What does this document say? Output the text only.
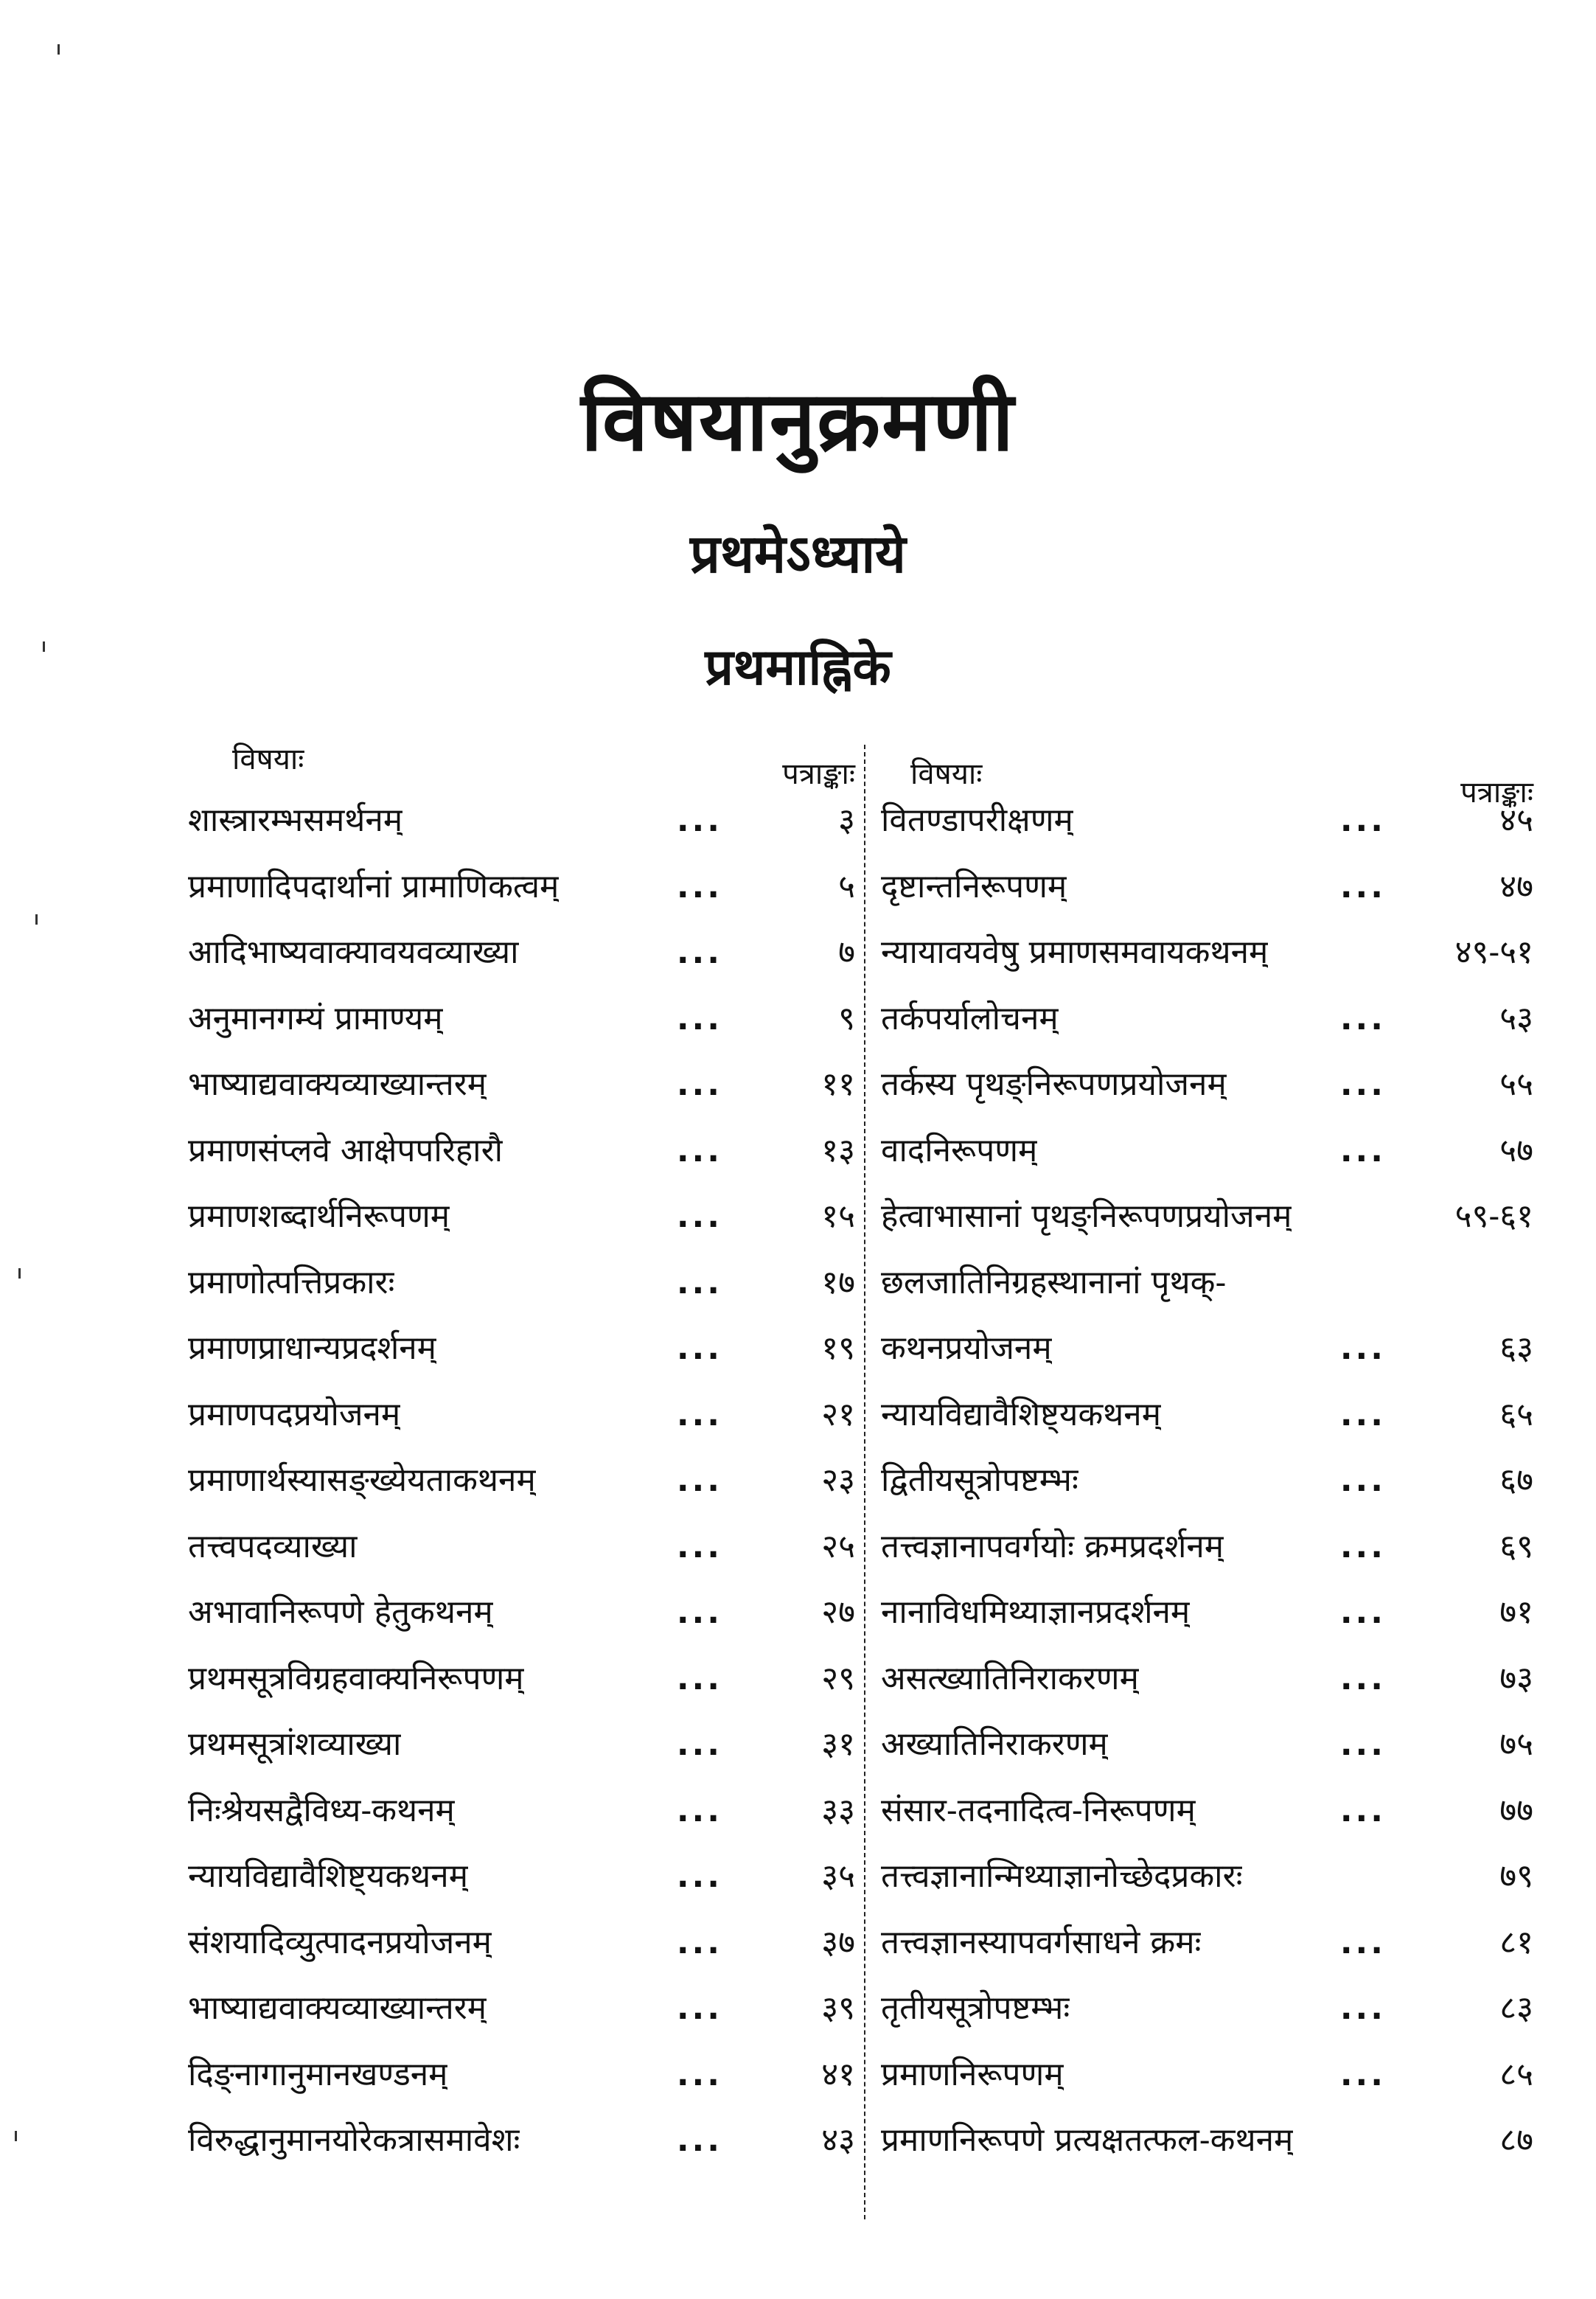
विषयानुक्रमणी
प्रथमेऽध्याये
प्रथमाह्निके
विषयाः	पत्राङ्काः
शास्त्रारम्भसमर्थनम्	...	३
प्रमाणादिपदार्थानां प्रामाणिकत्वम्	...	५
आदिभाष्यवाक्यावयवव्याख्या	...	७
अनुमानगम्यं प्रामाण्यम्	...	९
भाष्याद्यवाक्यव्याख्यान्तरम्	...	११
प्रमाणसंप्लवे आक्षेपपरिहारौ	...	१३
प्रमाणशब्दार्थनिरूपणम्	...	१५
प्रमाणोत्पत्तिप्रकारः	...	१७
प्रमाणप्राधान्यप्रदर्शनम्	...	१९
प्रमाणपदप्रयोजनम्	...	२१
प्रमाणार्थस्यासङ्ख्येयताकथनम्	...	२३
तत्त्वपदव्याख्या	...	२५
अभावानिरूपणे हेतुकथनम्	...	२७
प्रथमसूत्रविग्रहवाक्यनिरूपणम्	...	२९
प्रथमसूत्रांशव्याख्या	...	३१
निःश्रेयसद्वैविध्य-कथनम्	...	३३
न्यायविद्यावैशिष्ट्यकथनम्	...	३५
संशयादिव्युत्पादनप्रयोजनम्	...	३७
भाष्याद्यवाक्यव्याख्यान्तरम्	...	३९
दिङ्नागानुमानखण्डनम्	...	४१
विरुद्धानुमानयोरेकत्रासमावेशः	...	४३
विषयाः
पत्राङ्काः
वितण्डापरीक्षणम्	...	४५
दृष्टान्तनिरूपणम्	...	४७
न्यायावयवेषु प्रमाणसमवायकथनम्	४९-५१
तर्कपर्यालोचनम्	...	५३
तर्कस्य पृथङ्निरूपणप्रयोजनम्	...	५५
वादनिरूपणम्	...	५७
हेत्वाभासानां पृथङ्निरूपणप्रयोजनम्	५९-६१
छलजातिनिग्रहस्थानानां पृथक्-
कथनप्रयोजनम्	...	६३
न्यायविद्यावैशिष्ट्यकथनम्	...	६५
द्वितीयसूत्रोपष्टम्भः	...	६७
तत्त्वज्ञानापवर्गयोः क्रमप्रदर्शनम्	...	६९
नानाविधमिथ्याज्ञानप्रदर्शनम्	...	७१
असत्ख्यातिनिराकरणम्	...	७३
अख्यातिनिराकरणम्	...	७५
संसार-तदनादित्व-निरूपणम्	...	७७
तत्त्वज्ञानान्मिथ्याज्ञानोच्छेदप्रकारः	७९
तत्त्वज्ञानस्यापवर्गसाधने क्रमः	...	८१
तृतीयसूत्रोपष्टम्भः	...	८३
प्रमाणनिरूपणम्	...	८५
प्रमाणनिरूपणे प्रत्यक्षतत्फल-कथनम्	८७
